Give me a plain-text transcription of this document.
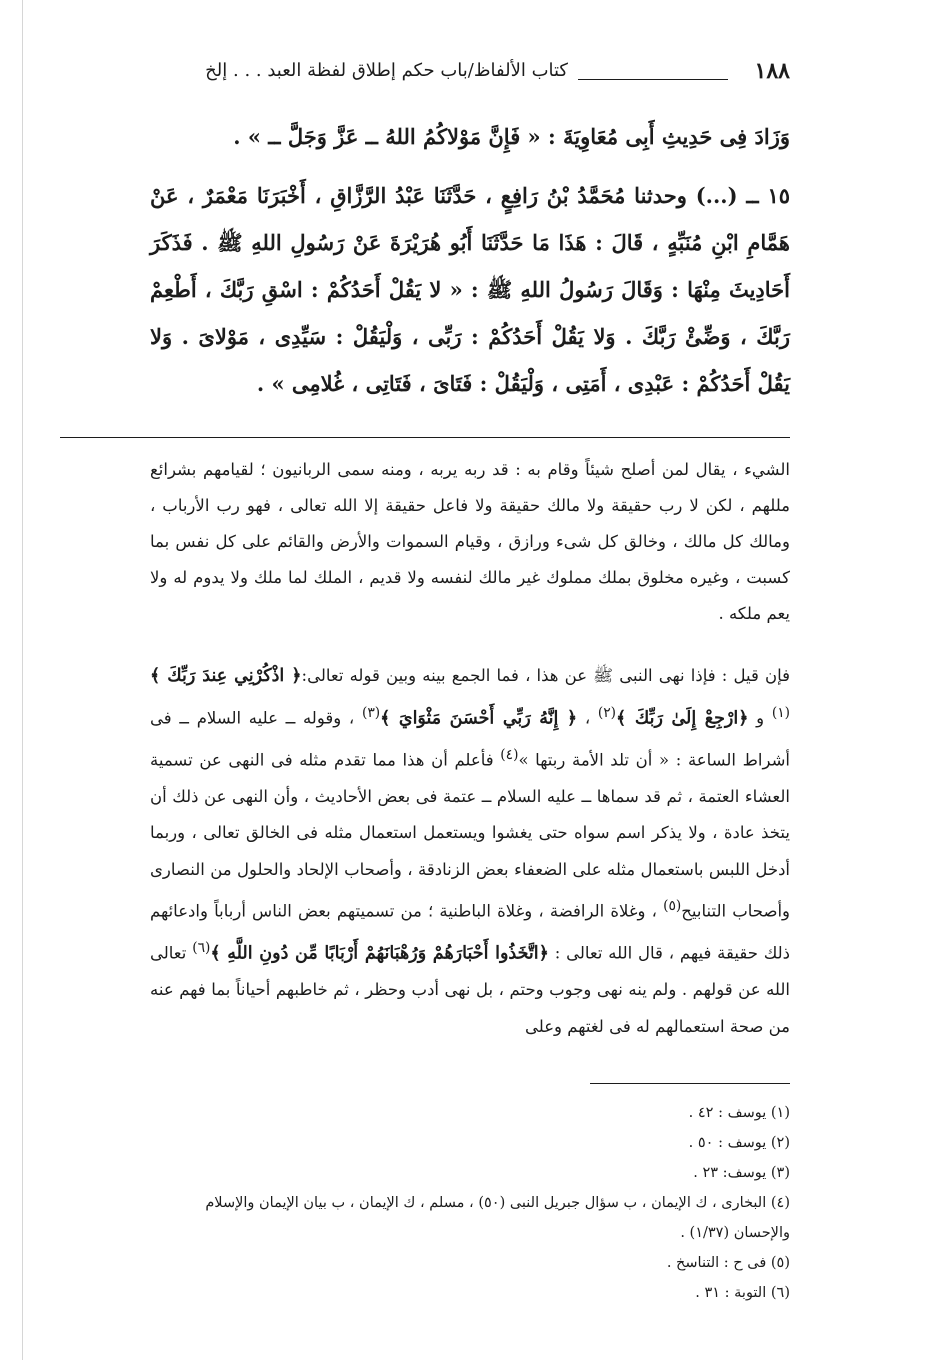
١٨٨
كتاب الألفاظ/باب حكم إطلاق لفظة العبد . . . إلخ
وَزَادَ فِى حَدِيثِ أَبِى مُعَاوِيَةَ : « فَإِنَّ مَوْلاكُمُ اللهُ ــ عَزَّ وَجَلَّ ــ » .
١٥ ــ (...) وحدثنا مُحَمَّدُ بْنُ رَافِعٍ ، حَدَّثَنَا عَبْدُ الرَّزَّاقِ ، أَخْبَرَنَا مَعْمَرٌ ، عَنْ هَمَّامِ ابْنِ مُنَبِّهٍ ، قَالَ : هَذَا مَا حَدَّثَنَا أَبُو هُرَيْرَةَ عَنْ رَسُولِ اللهِ ﷺ . فَذَكَرَ أَحَادِيثَ مِنْهَا : وَقَالَ رَسُولُ اللهِ ﷺ : « لا يَقُلْ أَحَدُكُمْ : اسْقِ رَبَّكَ ، أَطْعِمْ رَبَّكَ ، وَضِّئْ رَبَّكَ . وَلا يَقُلْ أَحَدُكُمْ : رَبِّى ، وَلْيَقُلْ : سَيِّدِى ، مَوْلاىَ . وَلا يَقُلْ أَحَدُكُمْ : عَبْدِى ، أَمَتِى ، وَلْيَقُلْ : فَتَاىَ ، فَتَاتِى ، غُلامِى » .
الشيء ، يقال لمن أصلح شيئاً وقام به : قد ربه يربه ، ومنه سمى الربانيون ؛ لقيامهم بشرائع مللهم ، لكن لا رب حقيقة ولا مالك حقيقة ولا فاعل حقيقة إلا الله تعالى ، فهو رب الأرباب ، ومالك كل مالك ، وخالق كل شىء ورازق ، وقيام السموات والأرض والقائم على كل نفس بما كسبت ، وغيره مخلوق بملك مملوك غير مالك لنفسه ولا قديم ، الملك لما ملك ولا يدوم له ولا يعم ملكه .
فإن قيل : فإذا نهى النبى ﷺ عن هذا ، فما الجمع بينه وبين قوله تعالى:﴿ اذْكُرْنِي عِندَ رَبِّكَ ﴾$^{(١)}$ و ﴿ارْجِعْ إِلَىٰ رَبِّكَ ﴾$^{(٢)}$ ، ﴿ إِنَّهُ رَبِّي أَحْسَنَ مَثْوَايَ ﴾$^{(٣)}$ ، وقوله ــ عليه السلام ــ فى أشراط الساعة : « أن تلد الأمة ربتها »$^{(٤)}$ فأعلم أن هذا مما تقدم مثله فى النهى عن تسمية العشاء العتمة ، ثم قد سماها ــ عليه السلام ــ عتمة فى بعض الأحاديث ، وأن النهى عن ذلك أن يتخذ عادة ، ولا يذكر اسم سواه حتى يغشوا ويستعمل استعمال مثله فى الخالق تعالى ، وربما أدخل اللبس باستعمال مثله على الضعفاء بعض الزنادقة ، وأصحاب الإلحاد والحلول من النصارى وأصحاب التنابيح$^{(٥)}$ ، وغلاة الرافضة ، وغلاة الباطنية ؛ من تسميتهم بعض الناس أرباباً وادعائهم ذلك حقيقة فيهم ، قال الله تعالى : ﴿اتَّخَذُوا أَحْبَارَهُمْ وَرُهْبَانَهُمْ أَرْبَابًا مِّن دُونِ اللَّهِ ﴾$^{(٦)}$ تعالى الله عن قولهم . ولم ينه نهى وجوب وحتم ، بل نهى أدب وحظر ، ثم خاطبهم أحياناً بما فهم عنه من صحة استعمالهم له فى لغتهم وعلى
(١) يوسف : ٤٢ .
(٢) يوسف : ٥٠ .
(٣) يوسف: ٢٣ .
(٤) البخارى ، ك الإيمان ، ب سؤال جبريل النبى (٥٠) ، مسلم ، ك الإيمان ، ب بيان الإيمان والإسلام والإحسان (١/٣٧) .
(٥) فى ح : التناسخ .
(٦) التوبة : ٣١ .
